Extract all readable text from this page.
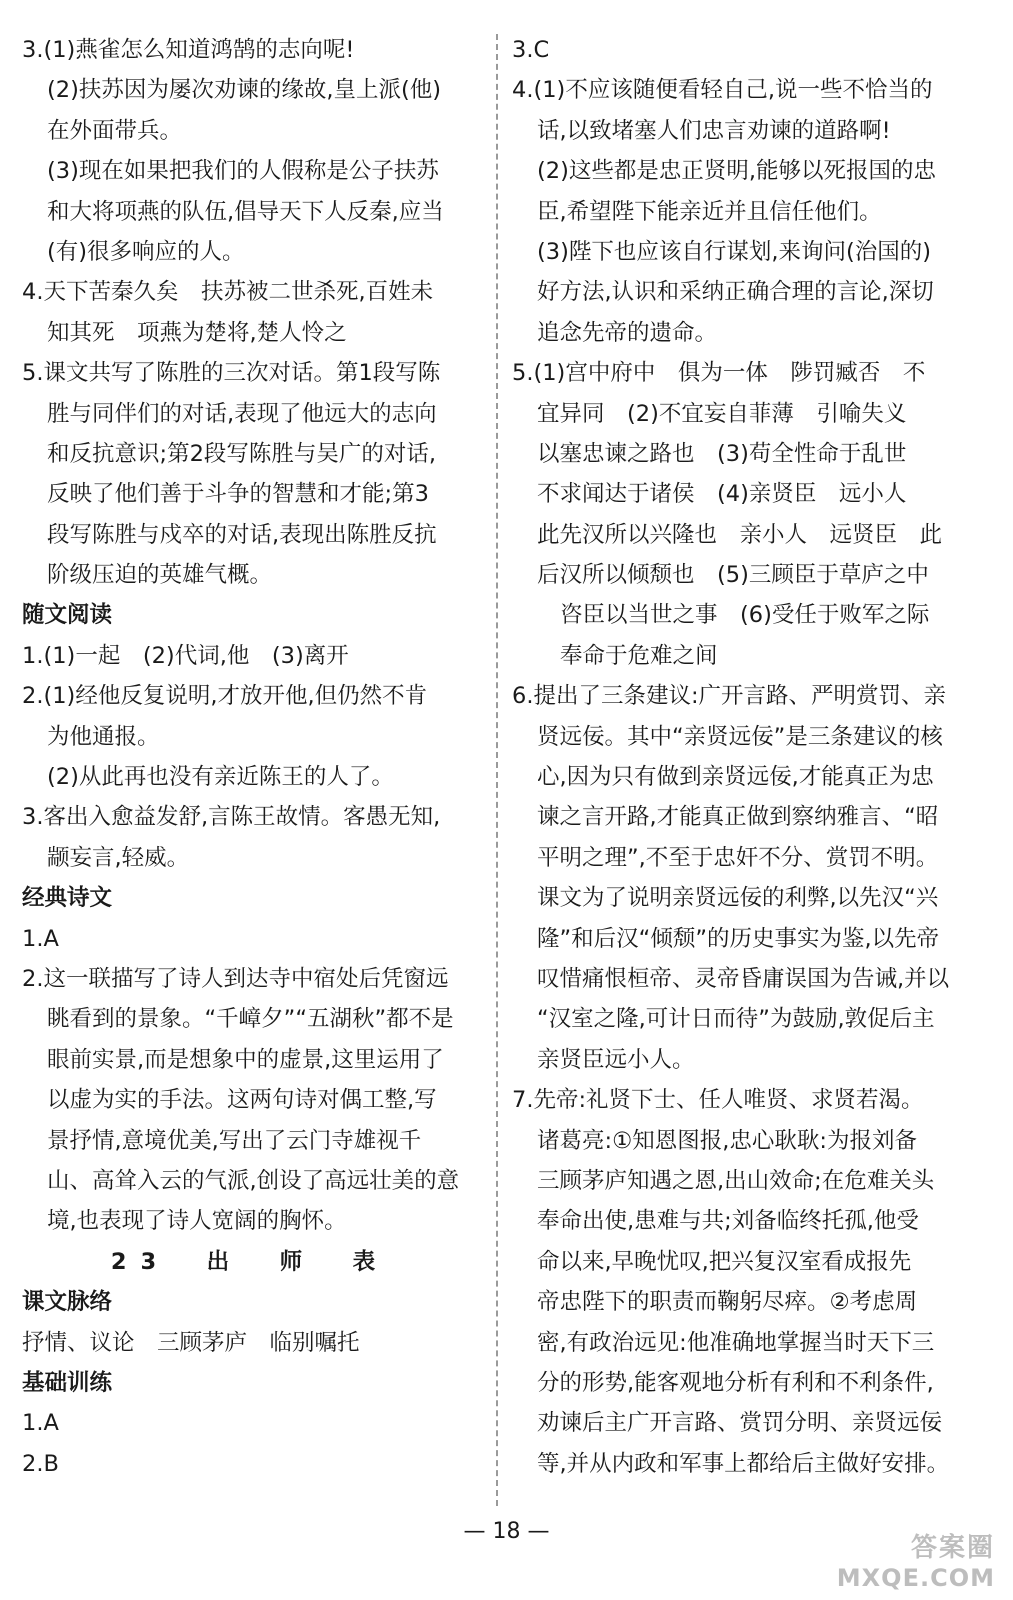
3.(1)燕雀怎么知道鸿鹄的志向呢!
(2)扶苏因为屡次劝谏的缘故,皇上派(他)
在外面带兵。
(3)现在如果把我们的人假称是公子扶苏
和大将项燕的队伍,倡导天下人反秦,应当
(有)很多响应的人。
4.天下苦秦久矣　扶苏被二世杀死,百姓未
知其死　项燕为楚将,楚人怜之
5.课文共写了陈胜的三次对话。第1段写陈
胜与同伴们的对话,表现了他远大的志向
和反抗意识;第2段写陈胜与吴广的对话,
反映了他们善于斗争的智慧和才能;第3
段写陈胜与戍卒的对话,表现出陈胜反抗
阶级压迫的英雄气概。
随文阅读
1.(1)一起　(2)代词,他　(3)离开
2.(1)经他反复说明,才放开他,但仍然不肯
为他通报。
(2)从此再也没有亲近陈王的人了。
3.客出入愈益发舒,言陈王故情。客愚无知,
颛妄言,轻威。
经典诗文
1.A
2.这一联描写了诗人到达寺中宿处后凭窗远
眺看到的景象。“千嶂夕”“五湖秋”都不是
眼前实景,而是想象中的虚景,这里运用了
以虚为实的手法。这两句诗对偶工整,写
景抒情,意境优美,写出了云门寺雄视千
山、高耸入云的气派,创设了高远壮美的意
境,也表现了诗人宽阔的胸怀。
23　出　师　表
课文脉络
抒情、议论　三顾茅庐　临别嘱托
基础训练
1.A
2.B
3.C
4.(1)不应该随便看轻自己,说一些不恰当的
话,以致堵塞人们忠言劝谏的道路啊!
(2)这些都是忠正贤明,能够以死报国的忠
臣,希望陛下能亲近并且信任他们。
(3)陛下也应该自行谋划,来询问(治国的)
好方法,认识和采纳正确合理的言论,深切
追念先帝的遗命。
5.(1)宫中府中　俱为一体　陟罚臧否　不
宜异同　(2)不宜妄自菲薄　引喻失义
以塞忠谏之路也　(3)苟全性命于乱世
不求闻达于诸侯　(4)亲贤臣　远小人
此先汉所以兴隆也　亲小人　远贤臣　此
后汉所以倾颓也　(5)三顾臣于草庐之中
咨臣以当世之事　(6)受任于败军之际
奉命于危难之间
6.提出了三条建议:广开言路、严明赏罚、亲
贤远佞。其中“亲贤远佞”是三条建议的核
心,因为只有做到亲贤远佞,才能真正为忠
谏之言开路,才能真正做到察纳雅言、“昭
平明之理”,不至于忠奸不分、赏罚不明。
课文为了说明亲贤远佞的利弊,以先汉“兴
隆”和后汉“倾颓”的历史事实为鉴,以先帝
叹惜痛恨桓帝、灵帝昏庸误国为告诫,并以
“汉室之隆,可计日而待”为鼓励,敦促后主
亲贤臣远小人。
7.先帝:礼贤下士、任人唯贤、求贤若渴。
诸葛亮:①知恩图报,忠心耿耿:为报刘备
三顾茅庐知遇之恩,出山效命;在危难关头
奉命出使,患难与共;刘备临终托孤,他受
命以来,早晚忧叹,把兴复汉室看成报先
帝忠陛下的职责而鞠躬尽瘁。②考虑周
密,有政治远见:他准确地掌握当时天下三
分的形势,能客观地分析有利和不利条件,
劝谏后主广开言路、赏罚分明、亲贤远佞
等,并从内政和军事上都给后主做好安排。
— 18 —
答案圈
MXQE.COM
